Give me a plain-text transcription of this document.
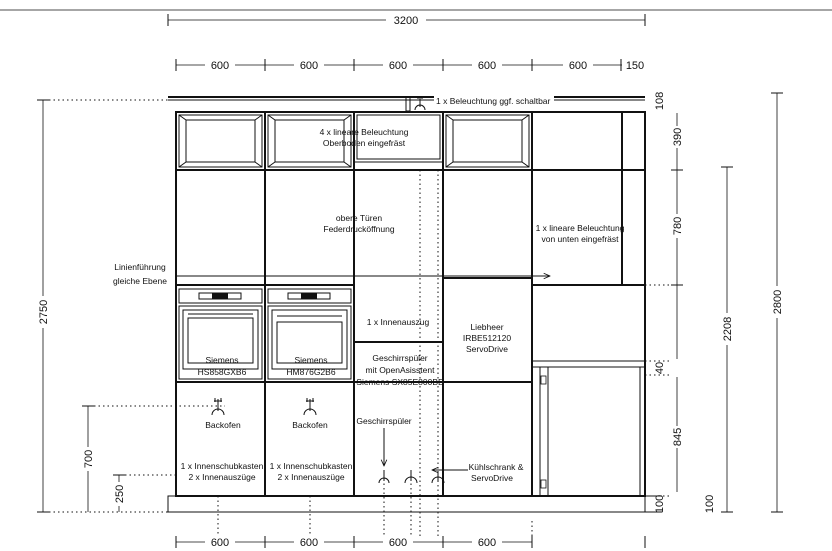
3200
600	600	600	600	600	150
2750
700
250
108
390
780
40
845
100
2208
2800
100
600	600	600	600
1 x Beleuchtung ggf. schaltbar
4 x lineare Beleuchtung
Oberboden eingefräst
obere Türen
Federdrucköffnung	1 x lineare Beleuchtung
von unten eingefräst
Linienführung
gleiche Ebene
1 x Innenauszug	Liebheer
IRBE512120
ServoDrive
Geschirrspüler
mit OpenAsisstent
Siemens SX85E800BE
Siemens
HS858GXB6
Siemens
HM876G2B6
Backofen	Backofen	Geschirrspüler
1 x Innenschubkasten
2 x Innenauszüge
1 x Innenschubkasten
2 x Innenauszüge
Kühlschrank &
ServoDrive
